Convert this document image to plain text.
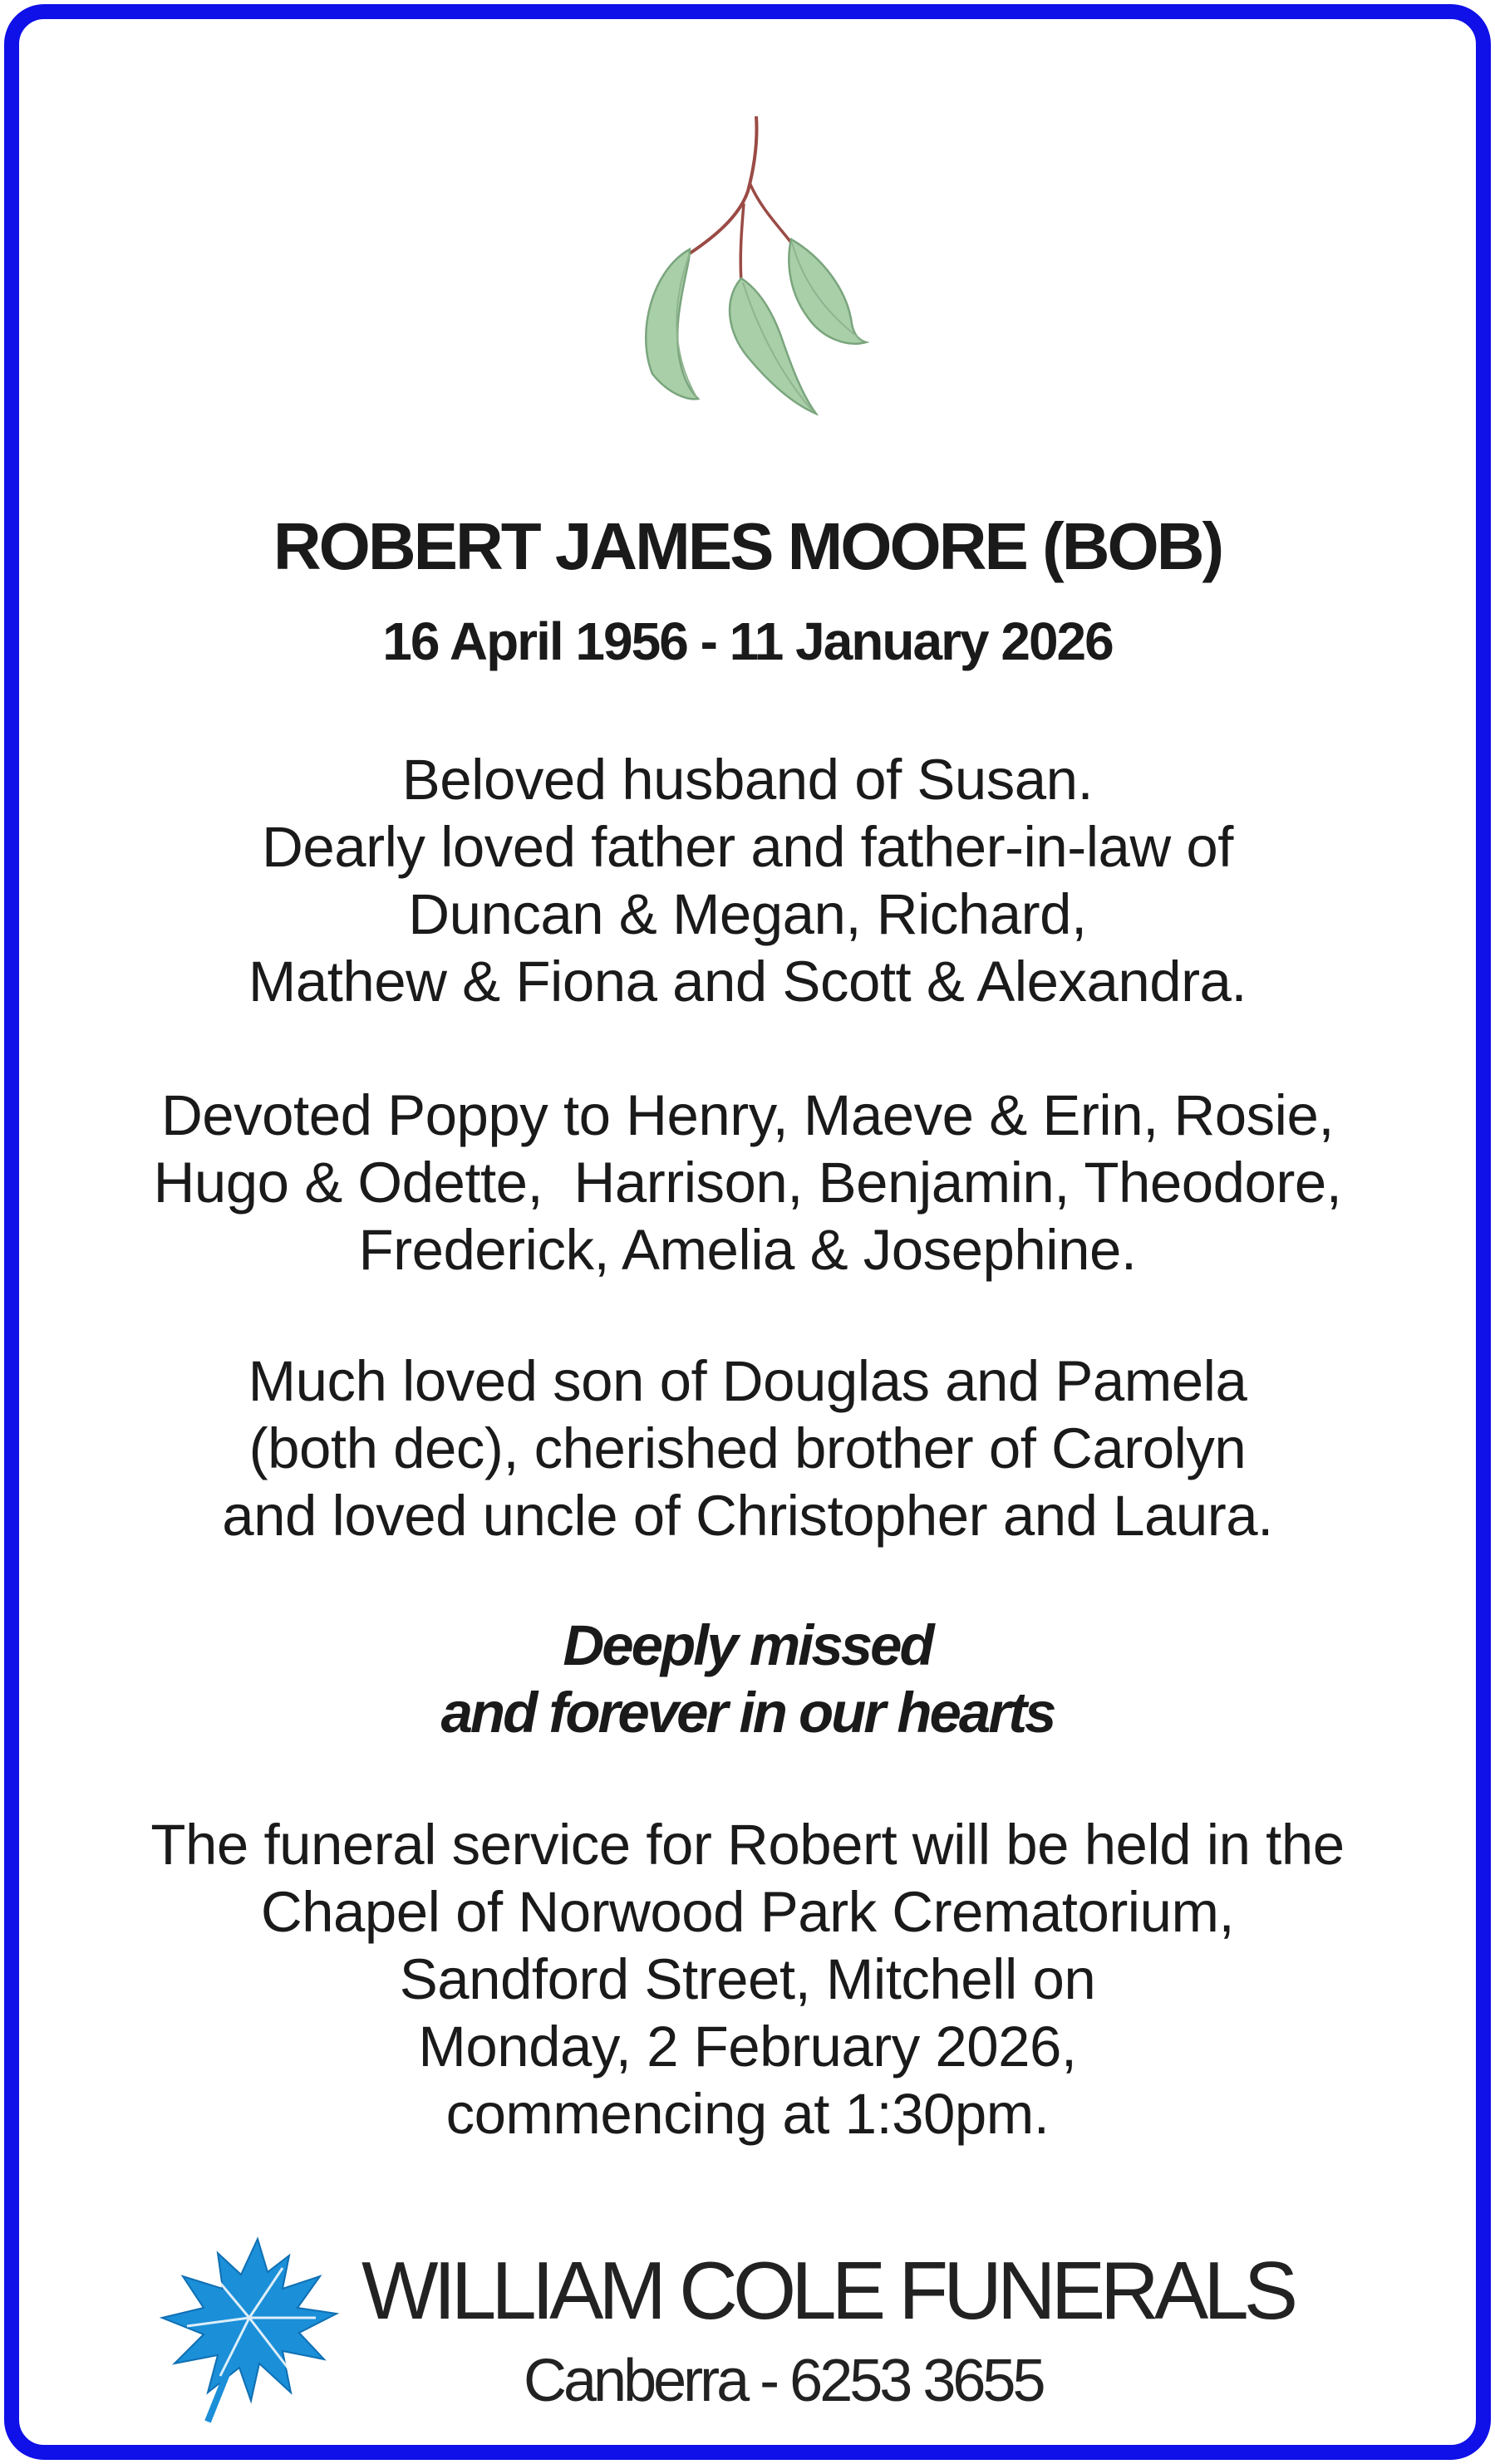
ROBERT JAMES MOORE (BOB)
16 April 1956 - 11 January 2026
Beloved husband of Susan.
Dearly loved father and father-in-law of
Duncan & Megan, Richard,
Mathew & Fiona and Scott & Alexandra.
Devoted Poppy to Henry, Maeve & Erin, Rosie,
Hugo & Odette,  Harrison, Benjamin, Theodore,
Frederick, Amelia & Josephine.
Much loved son of Douglas and Pamela
(both dec), cherished brother of Carolyn
and loved uncle of Christopher and Laura.
Deeply missed
and forever in our hearts
The funeral service for Robert will be held in the
Chapel of Norwood Park Crematorium,
Sandford Street, Mitchell on
Monday, 2 February 2026,
commencing at 1:30pm.
WILLIAM COLE FUNERALS
Canberra - 6253 3655
